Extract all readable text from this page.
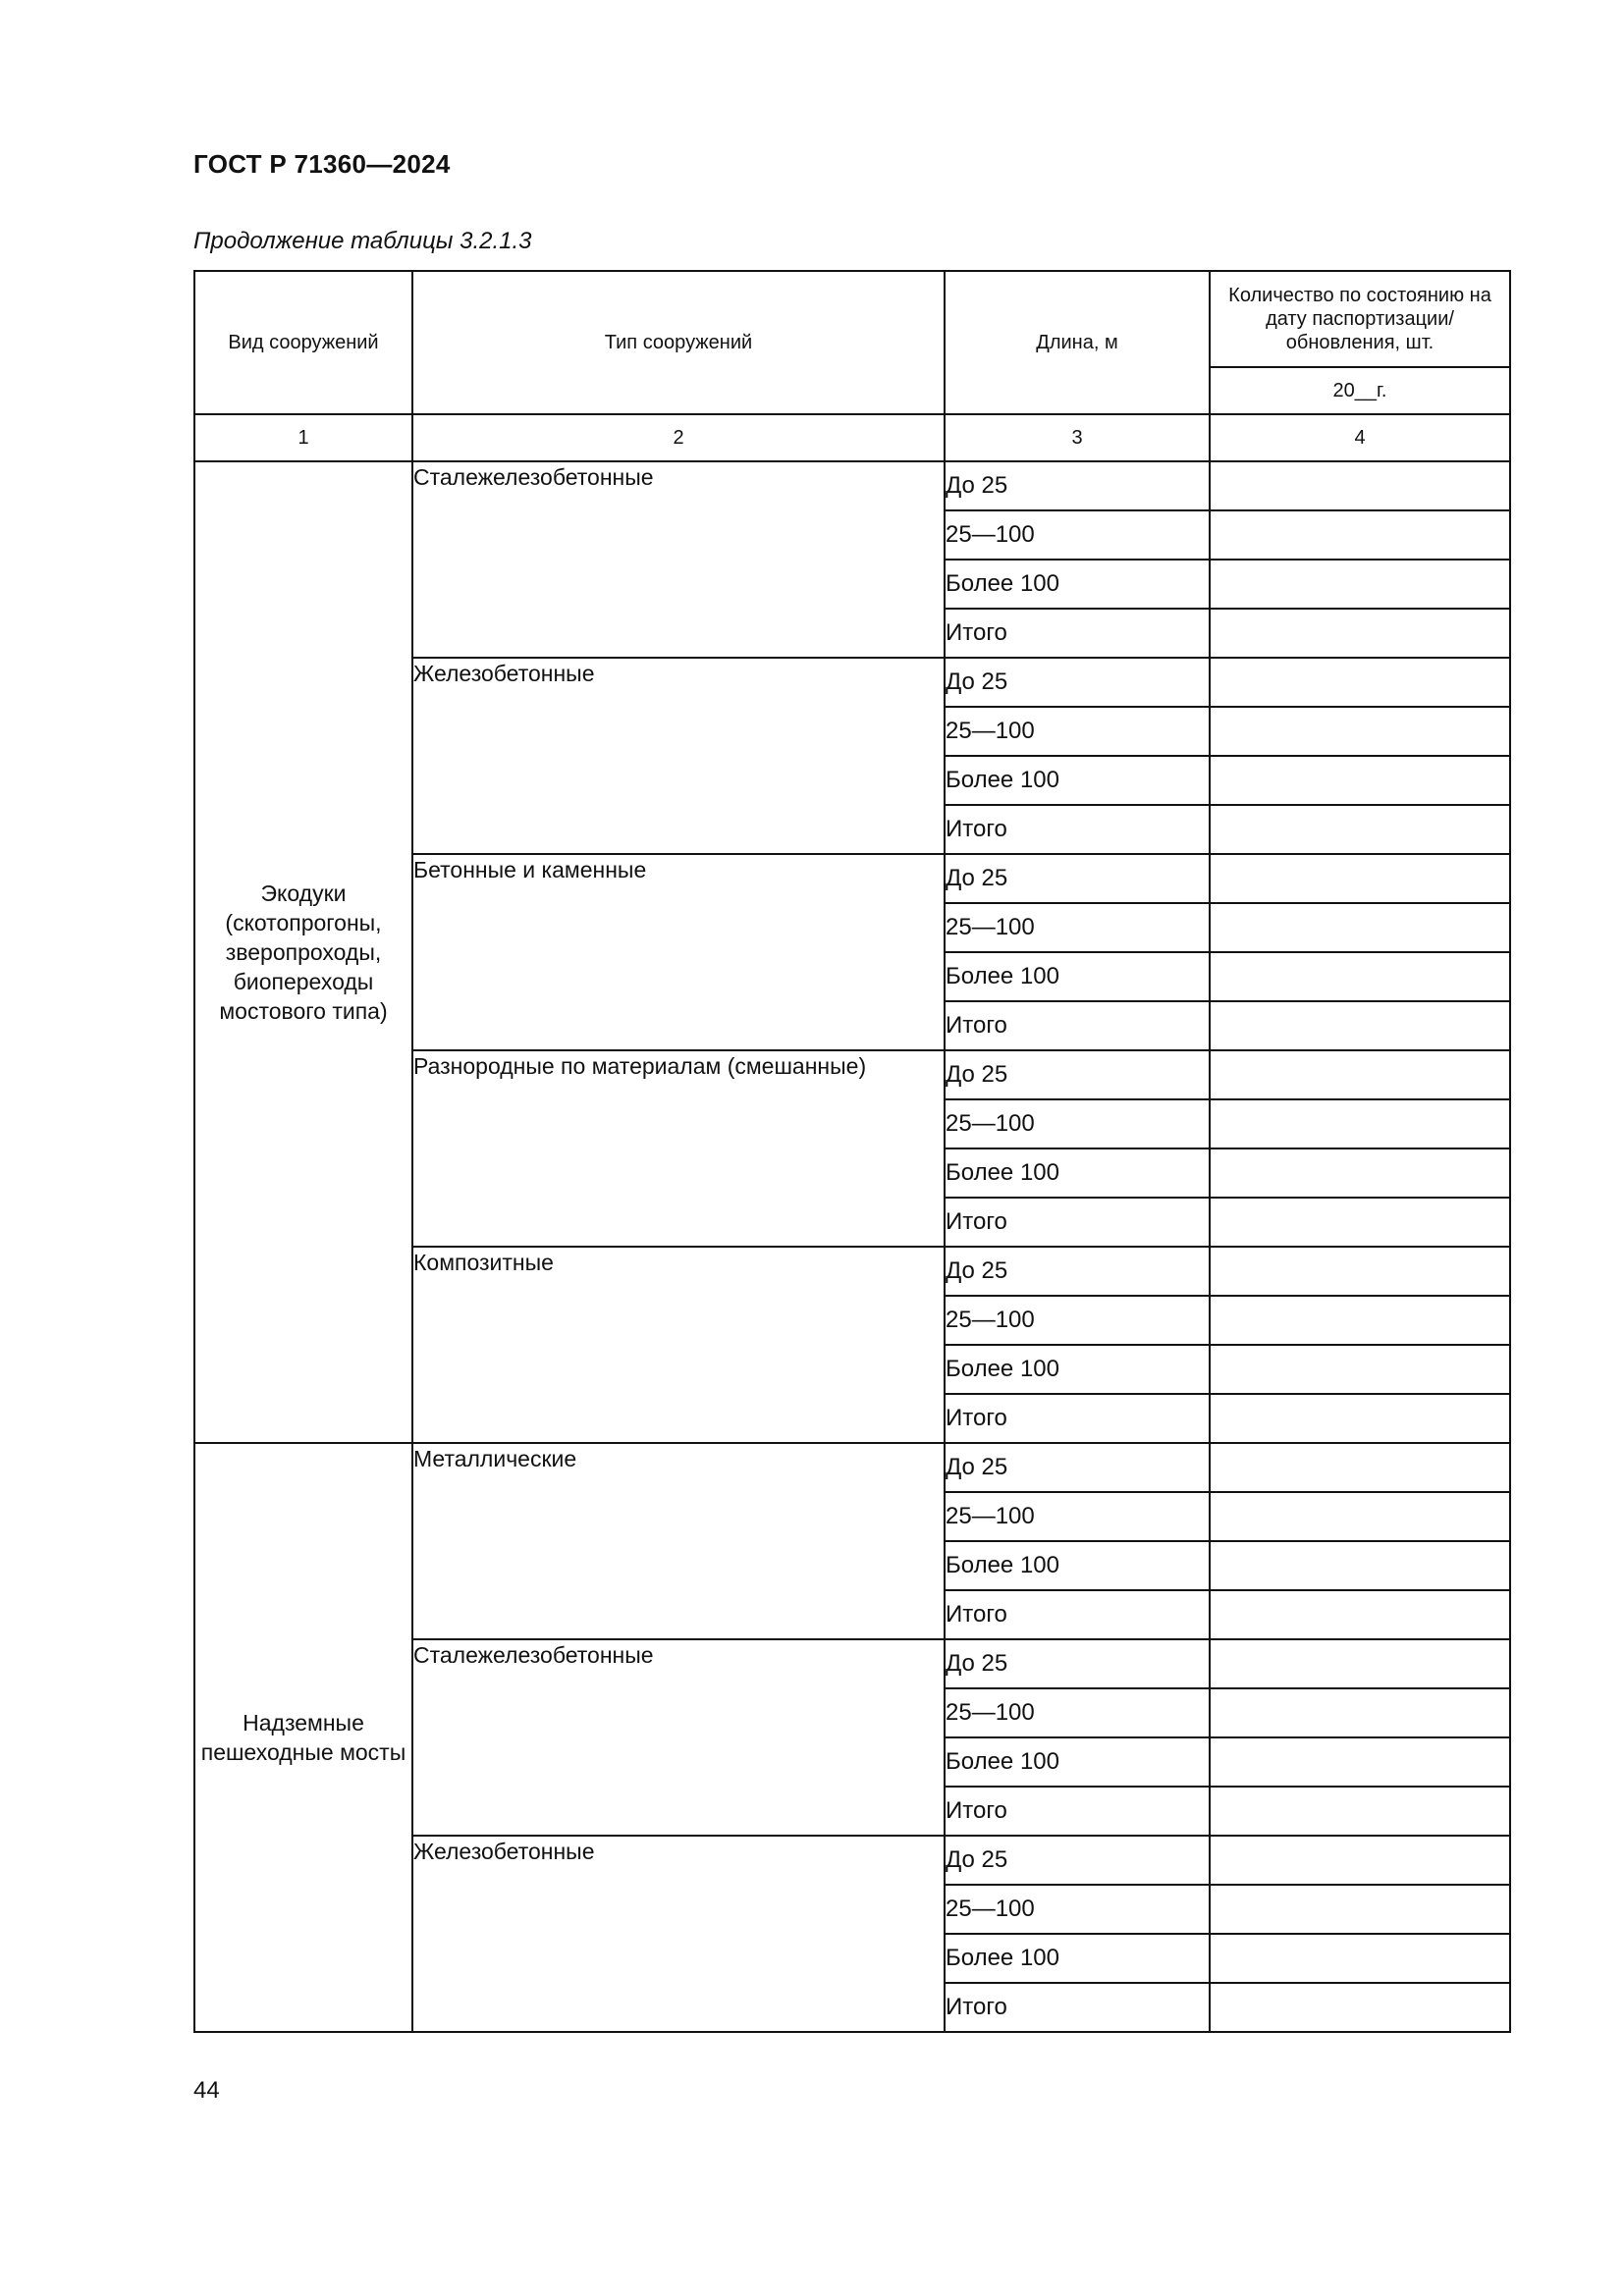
ГОСТ Р 71360—2024
Продолжение таблицы 3.2.1.3
Вид сооружений	Тип сооружений	Длина, м	Количество по состоянию на дату паспортизации/ обновления, шт.

			20__г.
1	2	3	4
Экодуки (скотопрогоны, зверопроходы, биопереходы мостового типа)	Сталежелезобетонные	До 25	
		25—100	
		Более 100	
		Итого	
	Железобетонные	До 25	
		25—100	
		Более 100	
		Итого	
	Бетонные и каменные	До 25	
		25—100	
		Более 100	
		Итого	
	Разнородные по материалам (смешанные)	До 25	
		25—100	
		Более 100	
		Итого	
	Композитные	До 25	
		25—100	
		Более 100	
		Итого	
Надземные пешеходные мосты	Металлические	До 25	
		25—100	
		Более 100	
		Итого	
	Сталежелезобетонные	До 25	
		25—100	
		Более 100	
		Итого	
	Железобетонные	До 25	
		25—100	
		Более 100	
		Итого	
44
